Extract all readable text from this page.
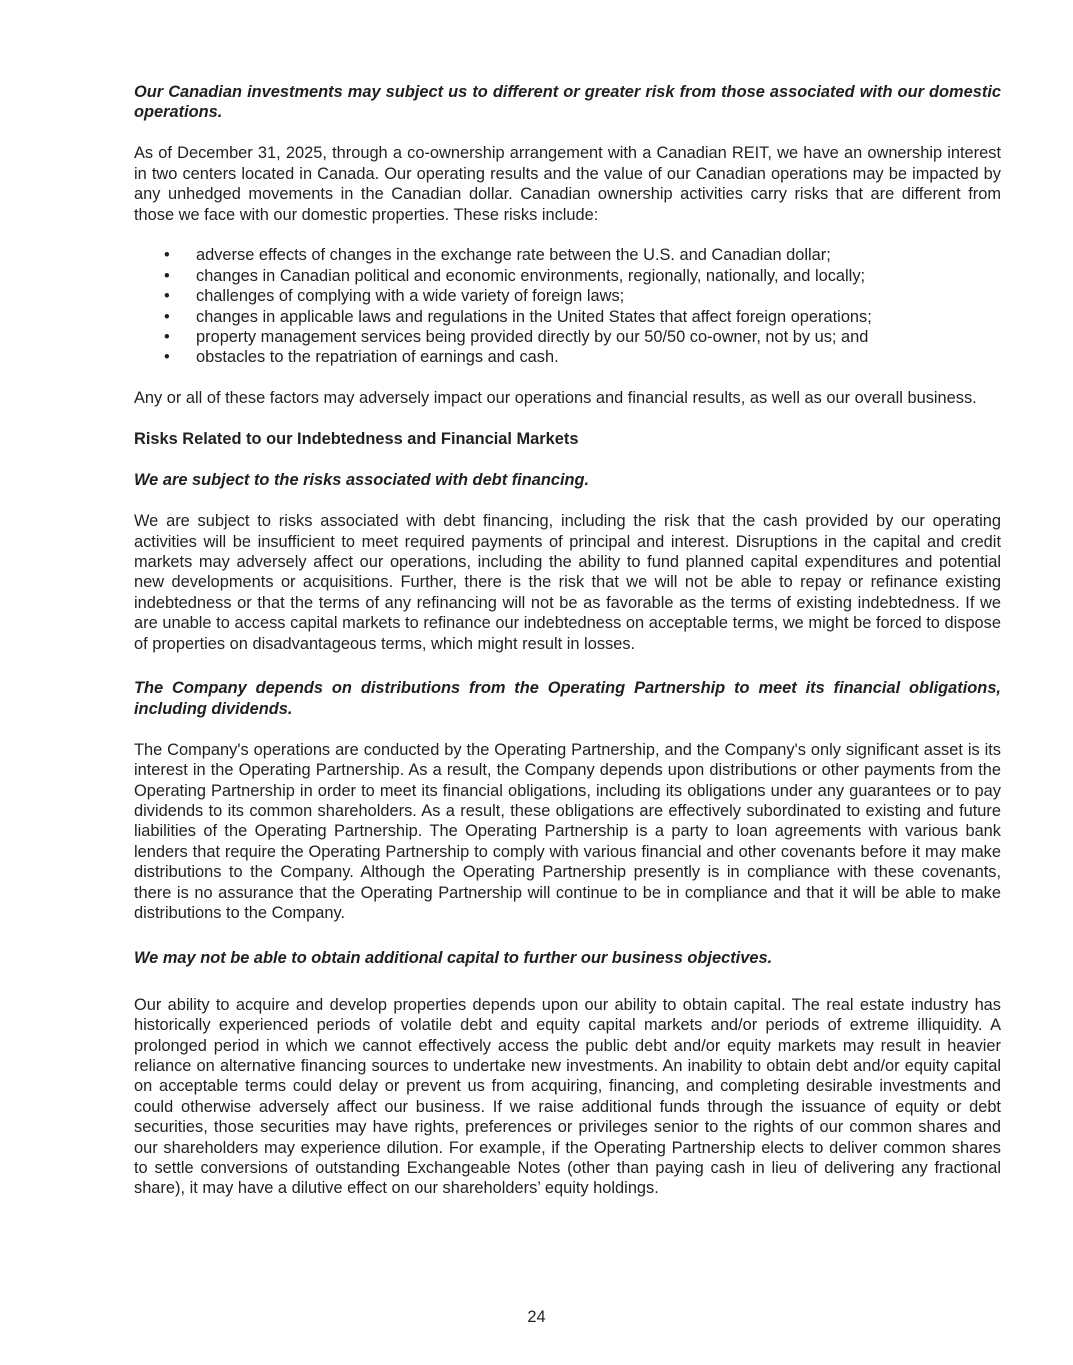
Our Canadian investments may subject us to different or greater risk from those associated with our domestic operations.

As of December 31, 2025, through a co-ownership arrangement with a Canadian REIT, we have an ownership interest in two centers located in Canada. Our operating results and the value of our Canadian operations may be impacted by any unhedged movements in the Canadian dollar. Canadian ownership activities carry risks that are different from those we face with our domestic properties. These risks include:

• adverse effects of changes in the exchange rate between the U.S. and Canadian dollar;
• changes in Canadian political and economic environments, regionally, nationally, and locally;
• challenges of complying with a wide variety of foreign laws;
• changes in applicable laws and regulations in the United States that affect foreign operations;
• property management services being provided directly by our 50/50 co-owner, not by us; and
• obstacles to the repatriation of earnings and cash.

Any or all of these factors may adversely impact our operations and financial results, as well as our overall business.

Risks Related to our Indebtedness and Financial Markets

We are subject to the risks associated with debt financing.

We are subject to risks associated with debt financing, including the risk that the cash provided by our operating activities will be insufficient to meet required payments of principal and interest. Disruptions in the capital and credit markets may adversely affect our operations, including the ability to fund planned capital expenditures and potential new developments or acquisitions. Further, there is the risk that we will not be able to repay or refinance existing indebtedness or that the terms of any refinancing will not be as favorable as the terms of existing indebtedness. If we are unable to access capital markets to refinance our indebtedness on acceptable terms, we might be forced to dispose of properties on disadvantageous terms, which might result in losses.

The Company depends on distributions from the Operating Partnership to meet its financial obligations, including dividends.

The Company's operations are conducted by the Operating Partnership, and the Company's only significant asset is its interest in the Operating Partnership. As a result, the Company depends upon distributions or other payments from the Operating Partnership in order to meet its financial obligations, including its obligations under any guarantees or to pay dividends to its common shareholders. As a result, these obligations are effectively subordinated to existing and future liabilities of the Operating Partnership. The Operating Partnership is a party to loan agreements with various bank lenders that require the Operating Partnership to comply with various financial and other covenants before it may make distributions to the Company. Although the Operating Partnership presently is in compliance with these covenants, there is no assurance that the Operating Partnership will continue to be in compliance and that it will be able to make distributions to the Company.

We may not be able to obtain additional capital to further our business objectives.

Our ability to acquire and develop properties depends upon our ability to obtain capital. The real estate industry has historically experienced periods of volatile debt and equity capital markets and/or periods of extreme illiquidity. A prolonged period in which we cannot effectively access the public debt and/or equity markets may result in heavier reliance on alternative financing sources to undertake new investments. An inability to obtain debt and/or equity capital on acceptable terms could delay or prevent us from acquiring, financing, and completing desirable investments and could otherwise adversely affect our business. If we raise additional funds through the issuance of equity or debt securities, those securities may have rights, preferences or privileges senior to the rights of our common shares and our shareholders may experience dilution. For example, if the Operating Partnership elects to deliver common shares to settle conversions of outstanding Exchangeable Notes (other than paying cash in lieu of delivering any fractional share), it may have a dilutive effect on our shareholders’ equity holdings.

24
